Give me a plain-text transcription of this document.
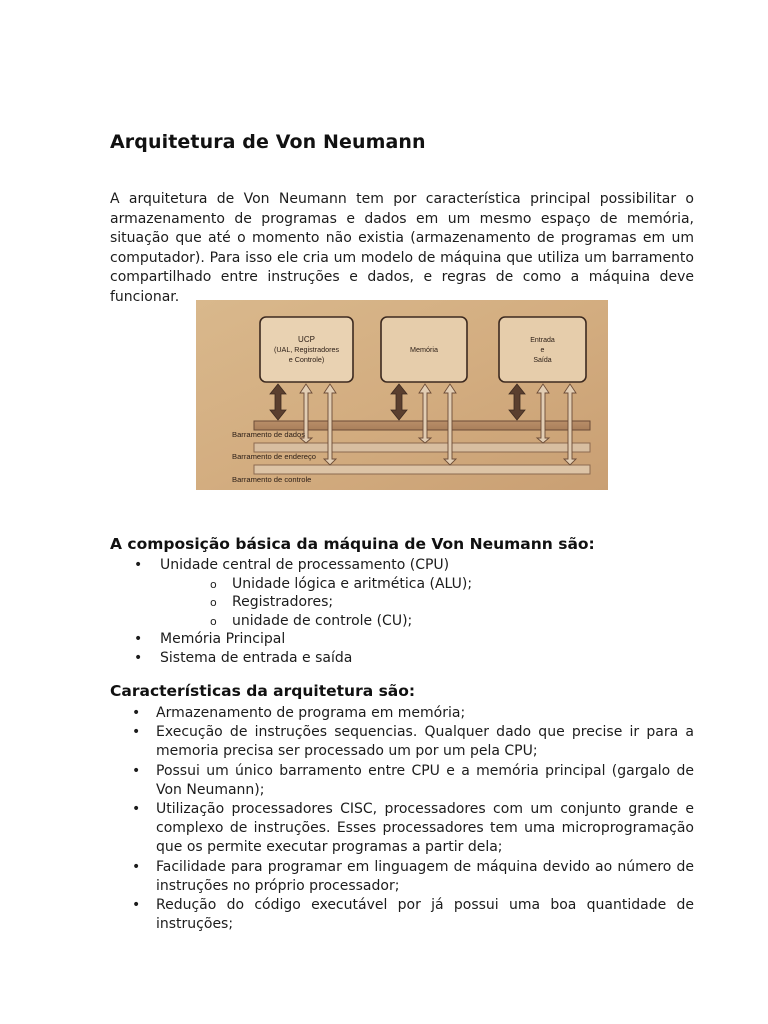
Arquitetura de Von Neumann

A arquitetura de Von Neumann tem por característica principal possibilitar o armazenamento de programas e dados em um mesmo espaço de memória, situação que até o momento não existia (armazenamento de programas em um computador). Para isso ele cria um modelo de máquina que utiliza um barramento compartilhado entre instruções e dados, e regras de como a máquina deve funcionar.

UCP
(UAL, Registradores
e Controle)
Memória
Entrada
e
Saída
Barramento de dados
Barramento de endereço
Barramento de controle
A composição básica da máquina de Von Neumann são:
• Unidade central de processamento (CPU)
o Unidade lógica e aritmética (ALU);
o Registradores;
o unidade de controle (CU);
• Memória Principal
• Sistema de entrada e saída
Características da arquitetura são:
• Armazenamento de programa em memória;
• Execução de instruções sequencias. Qualquer dado que precise ir para a memoria precisa ser processado um por um pela CPU;
• Possui um único barramento entre CPU e a memória principal (gargalo de Von Neumann);
• Utilização processadores CISC, processadores com um conjunto grande e complexo de instruções. Esses processadores tem uma microprogramação que os permite executar programas a partir dela;
• Facilidade para programar em linguagem de máquina devido ao número de instruções no próprio processador;
• Redução do código executável por já possui uma boa quantidade de instruções;
